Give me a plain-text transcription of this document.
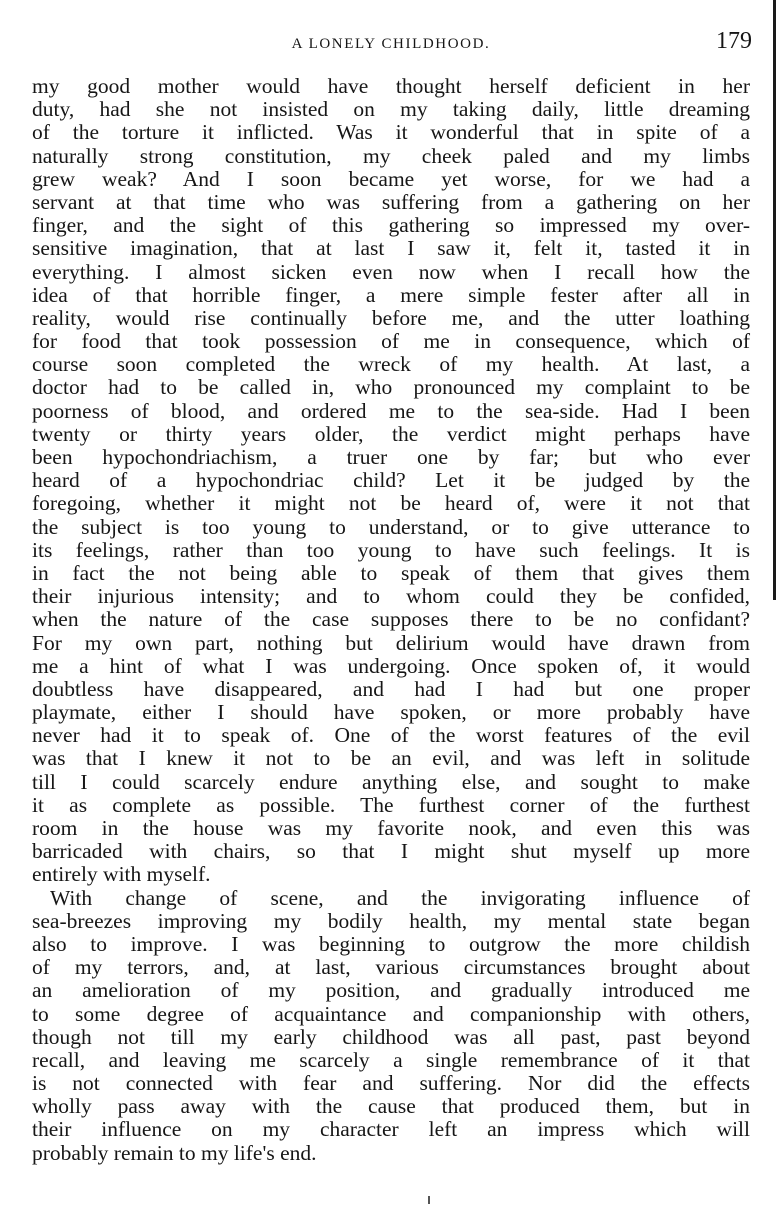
A LONELY CHILDHOOD.	179
my good mother would have thought herself deficient in her
duty, had she not insisted on my taking daily, little dreaming
of the torture it inflicted. Was it wonderful that in spite of a
naturally strong constitution, my cheek paled and my limbs
grew weak? And I soon became yet worse, for we had a
servant at that time who was suffering from a gathering on her
finger, and the sight of this gathering so impressed my over-
sensitive imagination, that at last I saw it, felt it, tasted it in
everything. I almost sicken even now when I recall how the
idea of that horrible finger, a mere simple fester after all in
reality, would rise continually before me, and the utter loathing
for food that took possession of me in consequence, which of
course soon completed the wreck of my health. At last, a
doctor had to be called in, who pronounced my complaint to be
poorness of blood, and ordered me to the sea-side. Had I been
twenty or thirty years older, the verdict might perhaps have
been hypochondriachism, a truer one by far; but who ever
heard of a hypochondriac child? Let it be judged by the
foregoing, whether it might not be heard of, were it not that
the subject is too young to understand, or to give utterance to
its feelings, rather than too young to have such feelings. It is
in fact the not being able to speak of them that gives them
their injurious intensity; and to whom could they be confided,
when the nature of the case supposes there to be no confidant?
For my own part, nothing but delirium would have drawn from
me a hint of what I was undergoing. Once spoken of, it would
doubtless have disappeared, and had I had but one proper
playmate, either I should have spoken, or more probably have
never had it to speak of. One of the worst features of the evil
was that I knew it not to be an evil, and was left in solitude
till I could scarcely endure anything else, and sought to make
it as complete as possible. The furthest corner of the furthest
room in the house was my favorite nook, and even this was
barricaded with chairs, so that I might shut myself up more
entirely with myself.
With change of scene, and the invigorating influence of
sea-breezes improving my bodily health, my mental state began
also to improve. I was beginning to outgrow the more childish
of my terrors, and, at last, various circumstances brought about
an amelioration of my position, and gradually introduced me
to some degree of acquaintance and companionship with others,
though not till my early childhood was all past, past beyond
recall, and leaving me scarcely a single remembrance of it that
is not connected with fear and suffering. Nor did the effects
wholly pass away with the cause that produced them, but in
their influence on my character left an impress which will
probably remain to my life's end.
